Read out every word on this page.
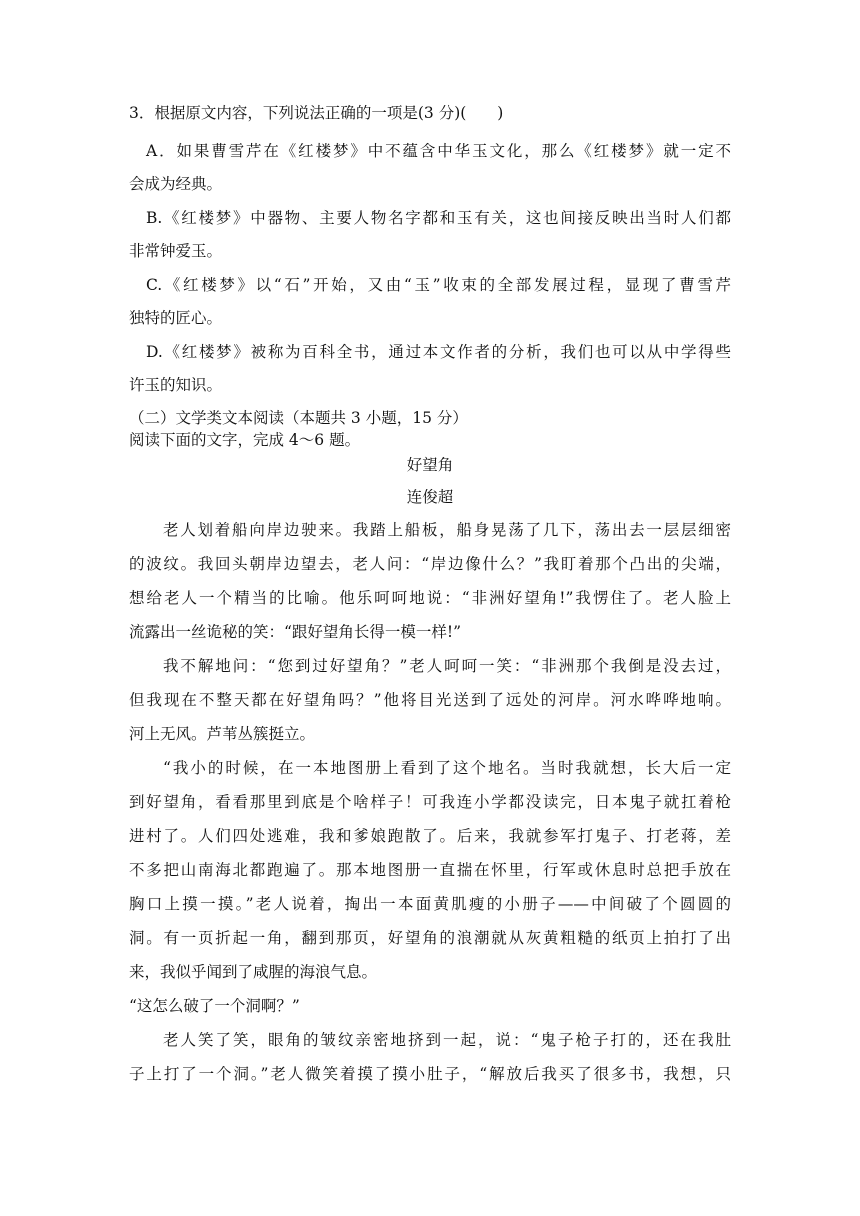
3．根据原文内容，下列说法正确的一项是(3 分)(　　)
A．如果曹雪芹在《红楼梦》中不蕴含中华玉文化，那么《红楼梦》就一定不
会成为经典。
B.《红楼梦》中器物、主要人物名字都和玉有关，这也间接反映出当时人们都
非常钟爱玉。
C.《红楼梦》以“石”开始，又由“玉”收束的全部发展过程，显现了曹雪芹
独特的匠心。
D.《红楼梦》被称为百科全书，通过本文作者的分析，我们也可以从中学得些
许玉的知识。
（二）文学类文本阅读（本题共 3 小题，15 分）
阅读下面的文字，完成 4～6 题。
好望角
连俊超
老人划着船向岸边驶来。我踏上船板，船身晃荡了几下，荡出去一层层细密
的波纹。我回头朝岸边望去，老人问：“岸边像什么？”我盯着那个凸出的尖端，
想给老人一个精当的比喻。他乐呵呵地说：“非洲好望角!”我愣住了。老人脸上
流露出一丝诡秘的笑：“跟好望角长得一模一样!”
我不解地问：“您到过好望角？”老人呵呵一笑：“非洲那个我倒是没去过，
但我现在不整天都在好望角吗？”他将目光送到了远处的河岸。河水哗哗地响。
河上无风。芦苇丛簇挺立。
“我小的时候，在一本地图册上看到了这个地名。当时我就想，长大后一定
到好望角，看看那里到底是个啥样子！可我连小学都没读完，日本鬼子就扛着枪
进村了。人们四处逃难，我和爹娘跑散了。后来，我就参军打鬼子、打老蒋，差
不多把山南海北都跑遍了。那本地图册一直揣在怀里，行军或休息时总把手放在
胸口上摸一摸。”老人说着，掏出一本面黄肌瘦的小册子——中间破了个圆圆的
洞。有一页折起一角，翻到那页，好望角的浪潮就从灰黄粗糙的纸页上拍打了出
来，我似乎闻到了咸腥的海浪气息。
“这怎么破了一个洞啊？”
老人笑了笑，眼角的皱纹亲密地挤到一起，说：“鬼子枪子打的，还在我肚
子上打了一个洞。”老人微笑着摸了摸小肚子，“解放后我买了很多书，我想，只
